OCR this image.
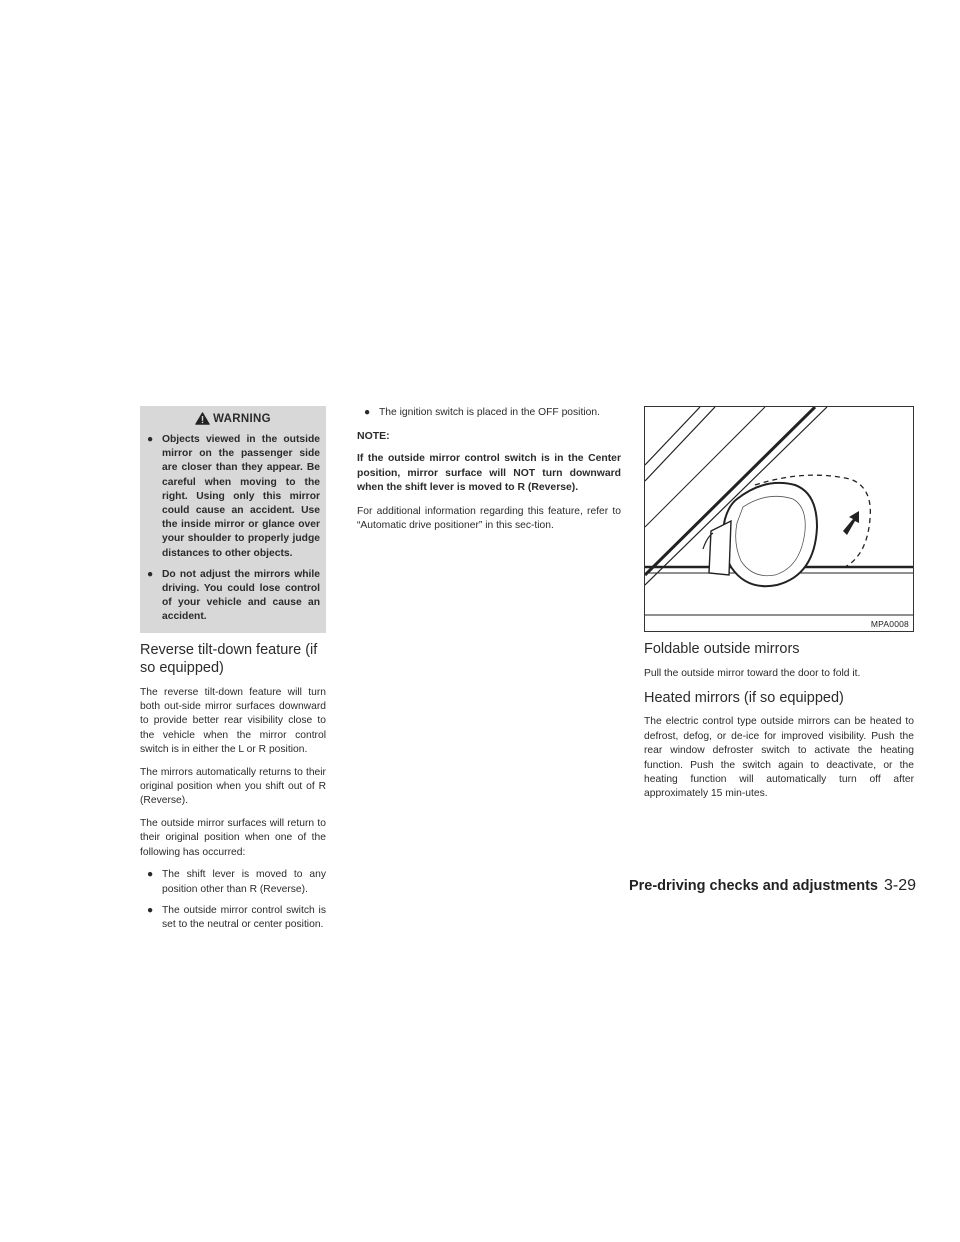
WARNING
● Objects viewed in the outside mirror on the passenger side are closer than they appear. Be careful when moving to the right. Using only this mirror could cause an accident. Use the inside mirror or glance over your shoulder to properly judge distances to other objects.
● Do not adjust the mirrors while driving. You could lose control of your vehicle and cause an accident.
Reverse tilt-down feature (if so equipped)

The reverse tilt-down feature will turn both out-side mirror surfaces downward to provide better rear visibility close to the vehicle when the mirror control switch is in either the L or R position.

The mirrors automatically returns to their original position when you shift out of R (Reverse).

The outside mirror surfaces will return to their original position when one of the following has occurred:

● The shift lever is moved to any position other than R (Reverse).
● The outside mirror control switch is set to the neutral or center position.
● The ignition switch is placed in the OFF position.
NOTE:

If the outside mirror control switch is in the Center position, mirror surface will NOT turn downward when the shift lever is moved to R (Reverse).

For additional information regarding this feature, refer to “Automatic drive positioner” in this sec-tion.

MPA0008
Foldable outside mirrors

Pull the outside mirror toward the door to fold it.

Heated mirrors (if so equipped)

The electric control type outside mirrors can be heated to defrost, defog, or de-ice for improved visibility. Push the rear window defroster switch to activate the heating function. Push the switch again to deactivate, or the heating function will automatically turn off after approximately 15 min-utes.

Pre-driving checks and adjustments 3-29
